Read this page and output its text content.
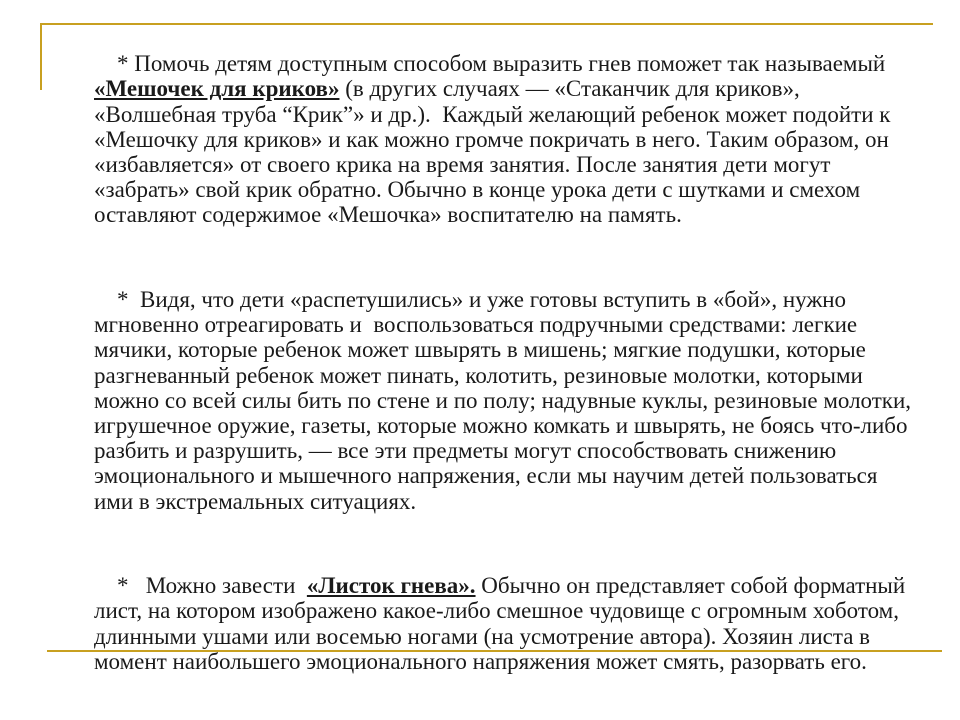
* Помочь детям доступным способом выразить гнев поможет так называемый «Мешочек для криков» (в других случаях — «Стаканчик для криков», «Волшебная труба “Крик”» и др.).  Каждый желающий ребенок может подойти к «Мешочку для криков» и как можно громче покричать в него. Таким образом, он «избавляется» от своего крика на время занятия. После занятия дети могут «забрать» свой крик обратно. Обычно в конце урока дети с шутками и смехом оставляют содержимое «Мешочка» воспитателю на память.

*  Видя, что дети «распетушились» и уже готовы вступить в «бой», нужно мгновенно отреагировать и  воспользоваться подручными средствами: легкие мячики, которые ребенок может швырять в мишень; мягкие подушки, которые разгневанный ребенок может пинать, колотить, резиновые молотки, которыми можно со всей силы бить по стене и по полу; надувные куклы, резиновые молотки, игрушечное оружие, газеты, которые можно комкать и швырять, не боясь что-либо разбить и разрушить, — все эти предметы могут способствовать снижению эмоционального и мышечного напряжения, если мы научим детей пользоваться ими в экстремальных ситуациях.

*   Можно завести  «Листок гнева». Обычно он представляет собой форматный лист, на котором изображено какое-либо смешное чудовище с огромным хоботом, длинными ушами или восемью ногами (на усмотрение автора). Хозяин листа в момент наибольшего эмоционального напряжения может смять, разорвать его.
